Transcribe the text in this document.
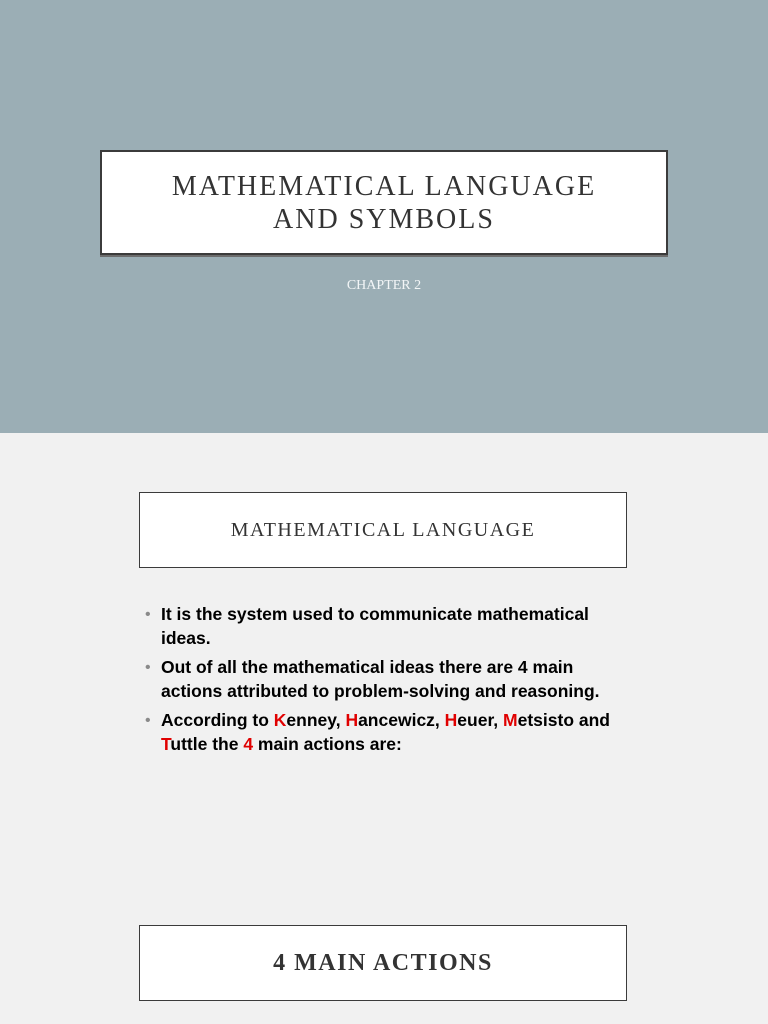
MATHEMATICAL LANGUAGE
AND SYMBOLS
CHAPTER 2
MATHEMATICAL LANGUAGE
• It is the system used to communicate mathematical ideas.
• Out of all the mathematical ideas there are 4 main actions attributed to problem-solving and reasoning.
• According to Kenney, Hancewicz, Heuer, Metsisto and Tuttle the 4 main actions are:
4 MAIN ACTIONS
